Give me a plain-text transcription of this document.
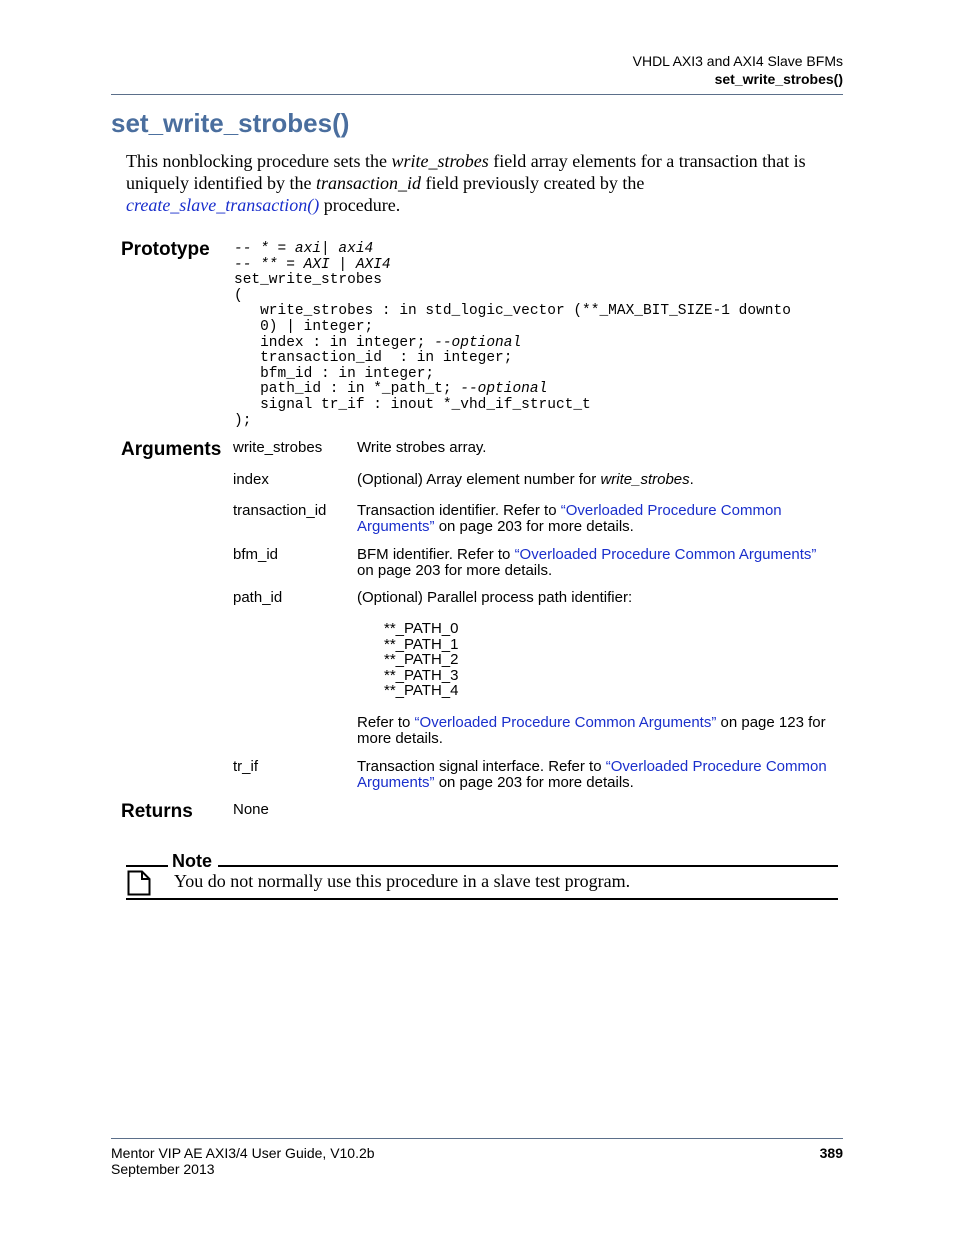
VHDL AXI3 and AXI4 Slave BFMs
set_write_strobes()
set_write_strobes()
This nonblocking procedure sets the write_strobes field array elements for a transaction that is uniquely identified by the transaction_id field previously created by the
create_slave_transaction() procedure.
Prototype -- * = axi| axi4
-- ** = AXI | AXI4
set_write_strobes
(
write_strobes : in std_logic_vector (**_MAX_BIT_SIZE-1 downto
0) | integer;
index : in integer; --optional
transaction_id  : in integer;
bfm_id : in integer;
path_id : in *_path_t; --optional
signal tr_if : inout *_vhd_if_struct_t
);
Arguments write_strobes Write strobes array.
index	(Optional) Array element number for write_strobes.
transaction_id Transaction identifier. Refer to “Overloaded Procedure Common
Arguments” on page 203 for more details.
bfm_id	BFM identifier. Refer to “Overloaded Procedure Common Arguments”
on page 203 for more details.
path_id	(Optional) Parallel process path identifier:
**_PATH_0
**_PATH_1
**_PATH_2
**_PATH_3
**_PATH_4
Refer to “Overloaded Procedure Common Arguments” on page 123 for
more details.
tr_if	Transaction signal interface. Refer to “Overloaded Procedure Common
Arguments” on page 203 for more details.
Returns	None
Note
You do not normally use this procedure in a slave test program.
Mentor VIP AE AXI3/4 User Guide, V10.2b
September 2013
389
